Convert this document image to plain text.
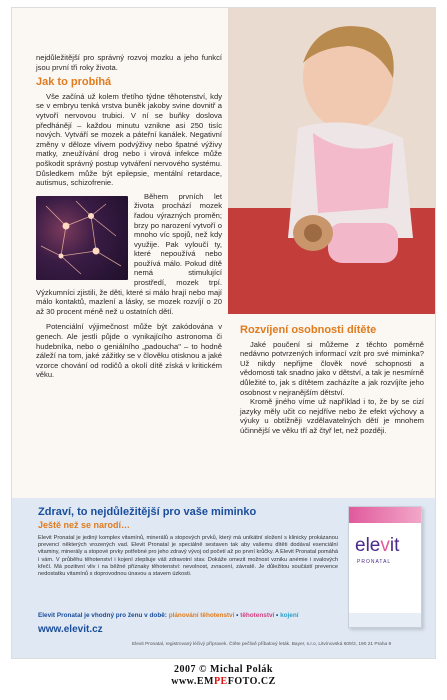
nejdůležitější pro správný rozvoj mozku a jeho funkcí jsou první tři roky života.

Jak to probíhá

Vše začíná už kolem třetího týdne těhotenství, kdy se v embryu tenká vrstva buněk jakoby svine dovnitř a vytvoří nervovou trubici. V ní se buňky doslova předhánějí – každou minutu vznikne asi 250 tisíc nových. Vytváří se mozek a páteřní kanálek. Negativní změny v děloze vlivem podvýživy nebo špatné výživy matky, zneužívání drog nebo i virová infekce může poškodit správný postup vytváření nervového systému. Důsledkem může být epilepsie, mentální retardace, autismus, schizofrenie.

Během prvních let života prochází mozek řadou výrazných proměn; brzy po narození vytvoří o mnoho víc spojů, než kdy využije. Pak vyloučí ty, které nepoužívá nebo používá málo. Pokud dítě nemá stimulující prostředí, mozek trpí. Výzkumníci zjistili, že děti, které si málo hrají nebo mají málo kontaktů, mazlení a lásky, se mozek rozvíjí o 20 až 30 procent méně než u ostatních dětí.

Potenciální výjimečnost může být zakódována v genech. Ale jestli půjde o vynikajícího astronoma či hudebníka, nebo o geniálního „padoucha" – to hodně záleží na tom, jaké zážitky se v člověku otisknou a jaké vzorce chování od rodičů a okolí dítě získá v kritickém věku.

Rozvíjení osobnosti dítěte

Jaké poučení si můžeme z těchto poměrně nedávno potvrzených informací vzít pro své miminka? Už nikdy nepřijme člověk nové schopnosti a vědomosti tak snadno jako v dětství, a tak je nesmírně důležité to, jak s dítětem zacházíte a jak rozvíjíte jeho osobnost v nejranějším dětství.

Kromě jiného víme už například i to, že by se cizí jazyky měly učit co nejdříve nebo že efekt výchovy a výuky u obtížněji vzdělavatelných dětí je mnohem účinnější ve věku tří až čtyř let, než později.

Zdraví, to nejdůležitější pro vaše miminko
Ještě než se narodí…
Elevit Pronatal je jediný komplex vitamínů, minerálů a stopových prvků, který má unikátní složení s klinicky prokázanou prevencí některých vrozených vad. Elevit Pronatal je speciálně sestaven tak aby vašemu dítěti dodával esenciální vitaminy, minerály a stopové prvky potřebné pro jeho zdravý vývoj od početí až po první krůčky. A Elevit Pronatal pomáhá i vám. V průběhu těhotenství i kojení zlepšuje váš zdravotní stav. Dokáže omezit možnost vzniku anémie i svalových křečí. Má pozitivní vliv i na běžné příznaky těhotenství: nevolnost, zvracení, závratě. Je důležitou součástí prevence nedostatku vitamínů s doprovodnou únavou a stavem úzkosti.
Elevit Pronatal je vhodný pro ženu v době: plánování těhotenství • těhotenství • kojení
www.elevit.cz
Elevit Pronatal, registrovaný léčivý přípravek. Čtěte pečlivě příbalový leták. Bayer, s.r.o, Litvínovská 609/3, 190 21 Praha 9
elevit
PRONATAL
2007 © Michal Polák
www.EMPEFOTO.CZ
